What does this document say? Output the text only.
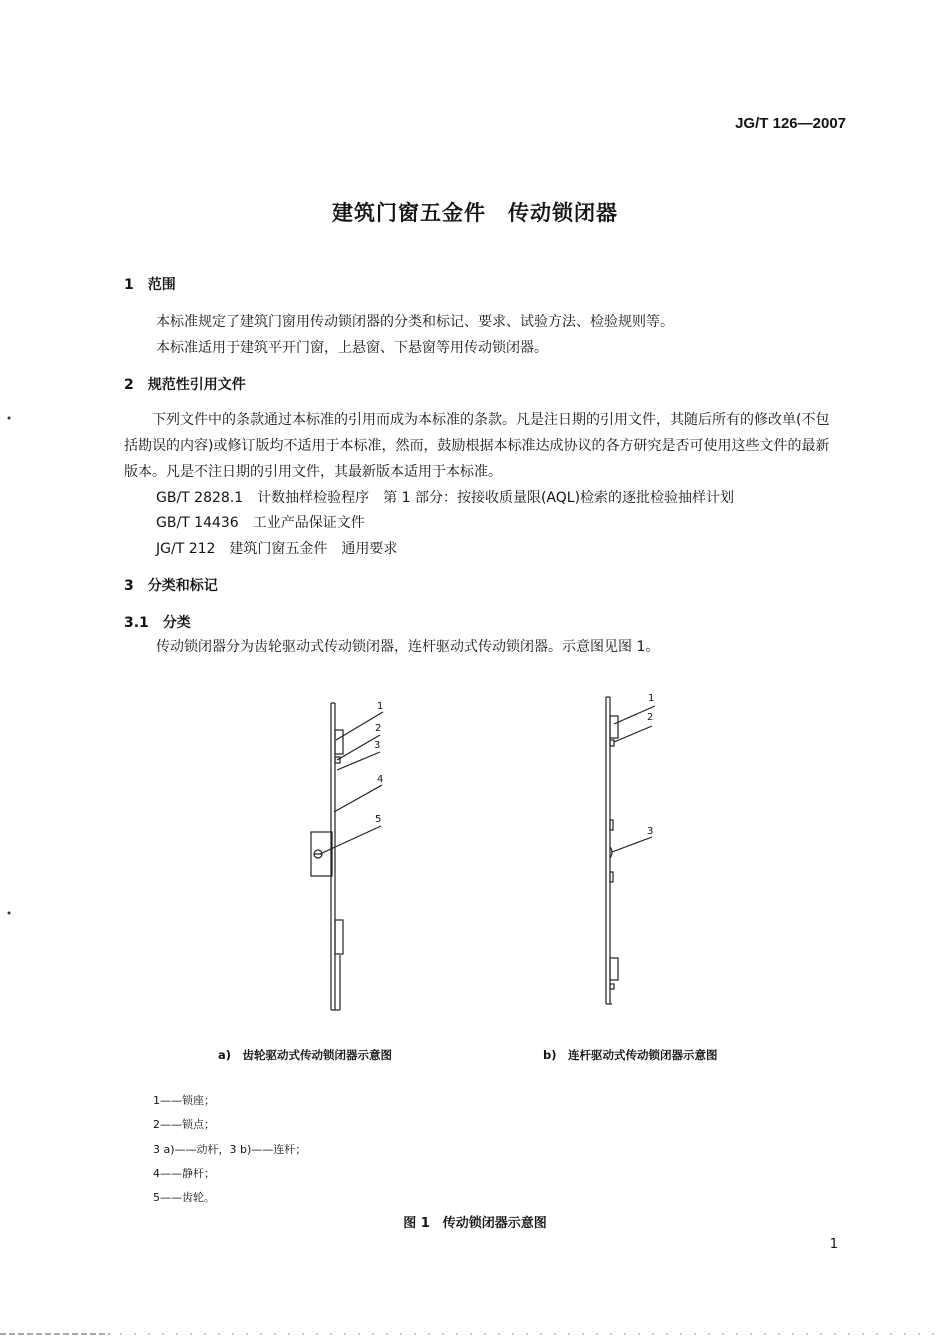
JG/T 126—2007
建筑门窗五金件　传动锁闭器
1　范围
本标准规定了建筑门窗用传动锁闭器的分类和标记、要求、试验方法、检验规则等。
本标准适用于建筑平开门窗，上悬窗、下悬窗等用传动锁闭器。
2　规范性引用文件
下列文件中的条款通过本标准的引用而成为本标准的条款。凡是注日期的引用文件，其随后所有的修改单(不包括勘误的内容)或修订版均不适用于本标准，然而，鼓励根据本标准达成协议的各方研究是否可使用这些文件的最新版本。凡是不注日期的引用文件，其最新版本适用于本标准。
GB/T 2828.1　计数抽样检验程序　第 1 部分：按接收质量限(AQL)检索的逐批检验抽样计划
GB/T 14436　工业产品保证文件
JG/T 212　建筑门窗五金件　通用要求
3　分类和标记
3.1　分类
传动锁闭器分为齿轮驱动式传动锁闭器，连杆驱动式传动锁闭器。示意图见图 1。
1
2
3
4
5
1
2
3
a)　齿轮驱动式传动锁闭器示意图	b)　连杆驱动式传动锁闭器示意图
1——锁座；
2——锁点；
3 a)——动杆，3 b)——连杆；
4——静杆；
5——齿轮。
图 1　传动锁闭器示意图
1
